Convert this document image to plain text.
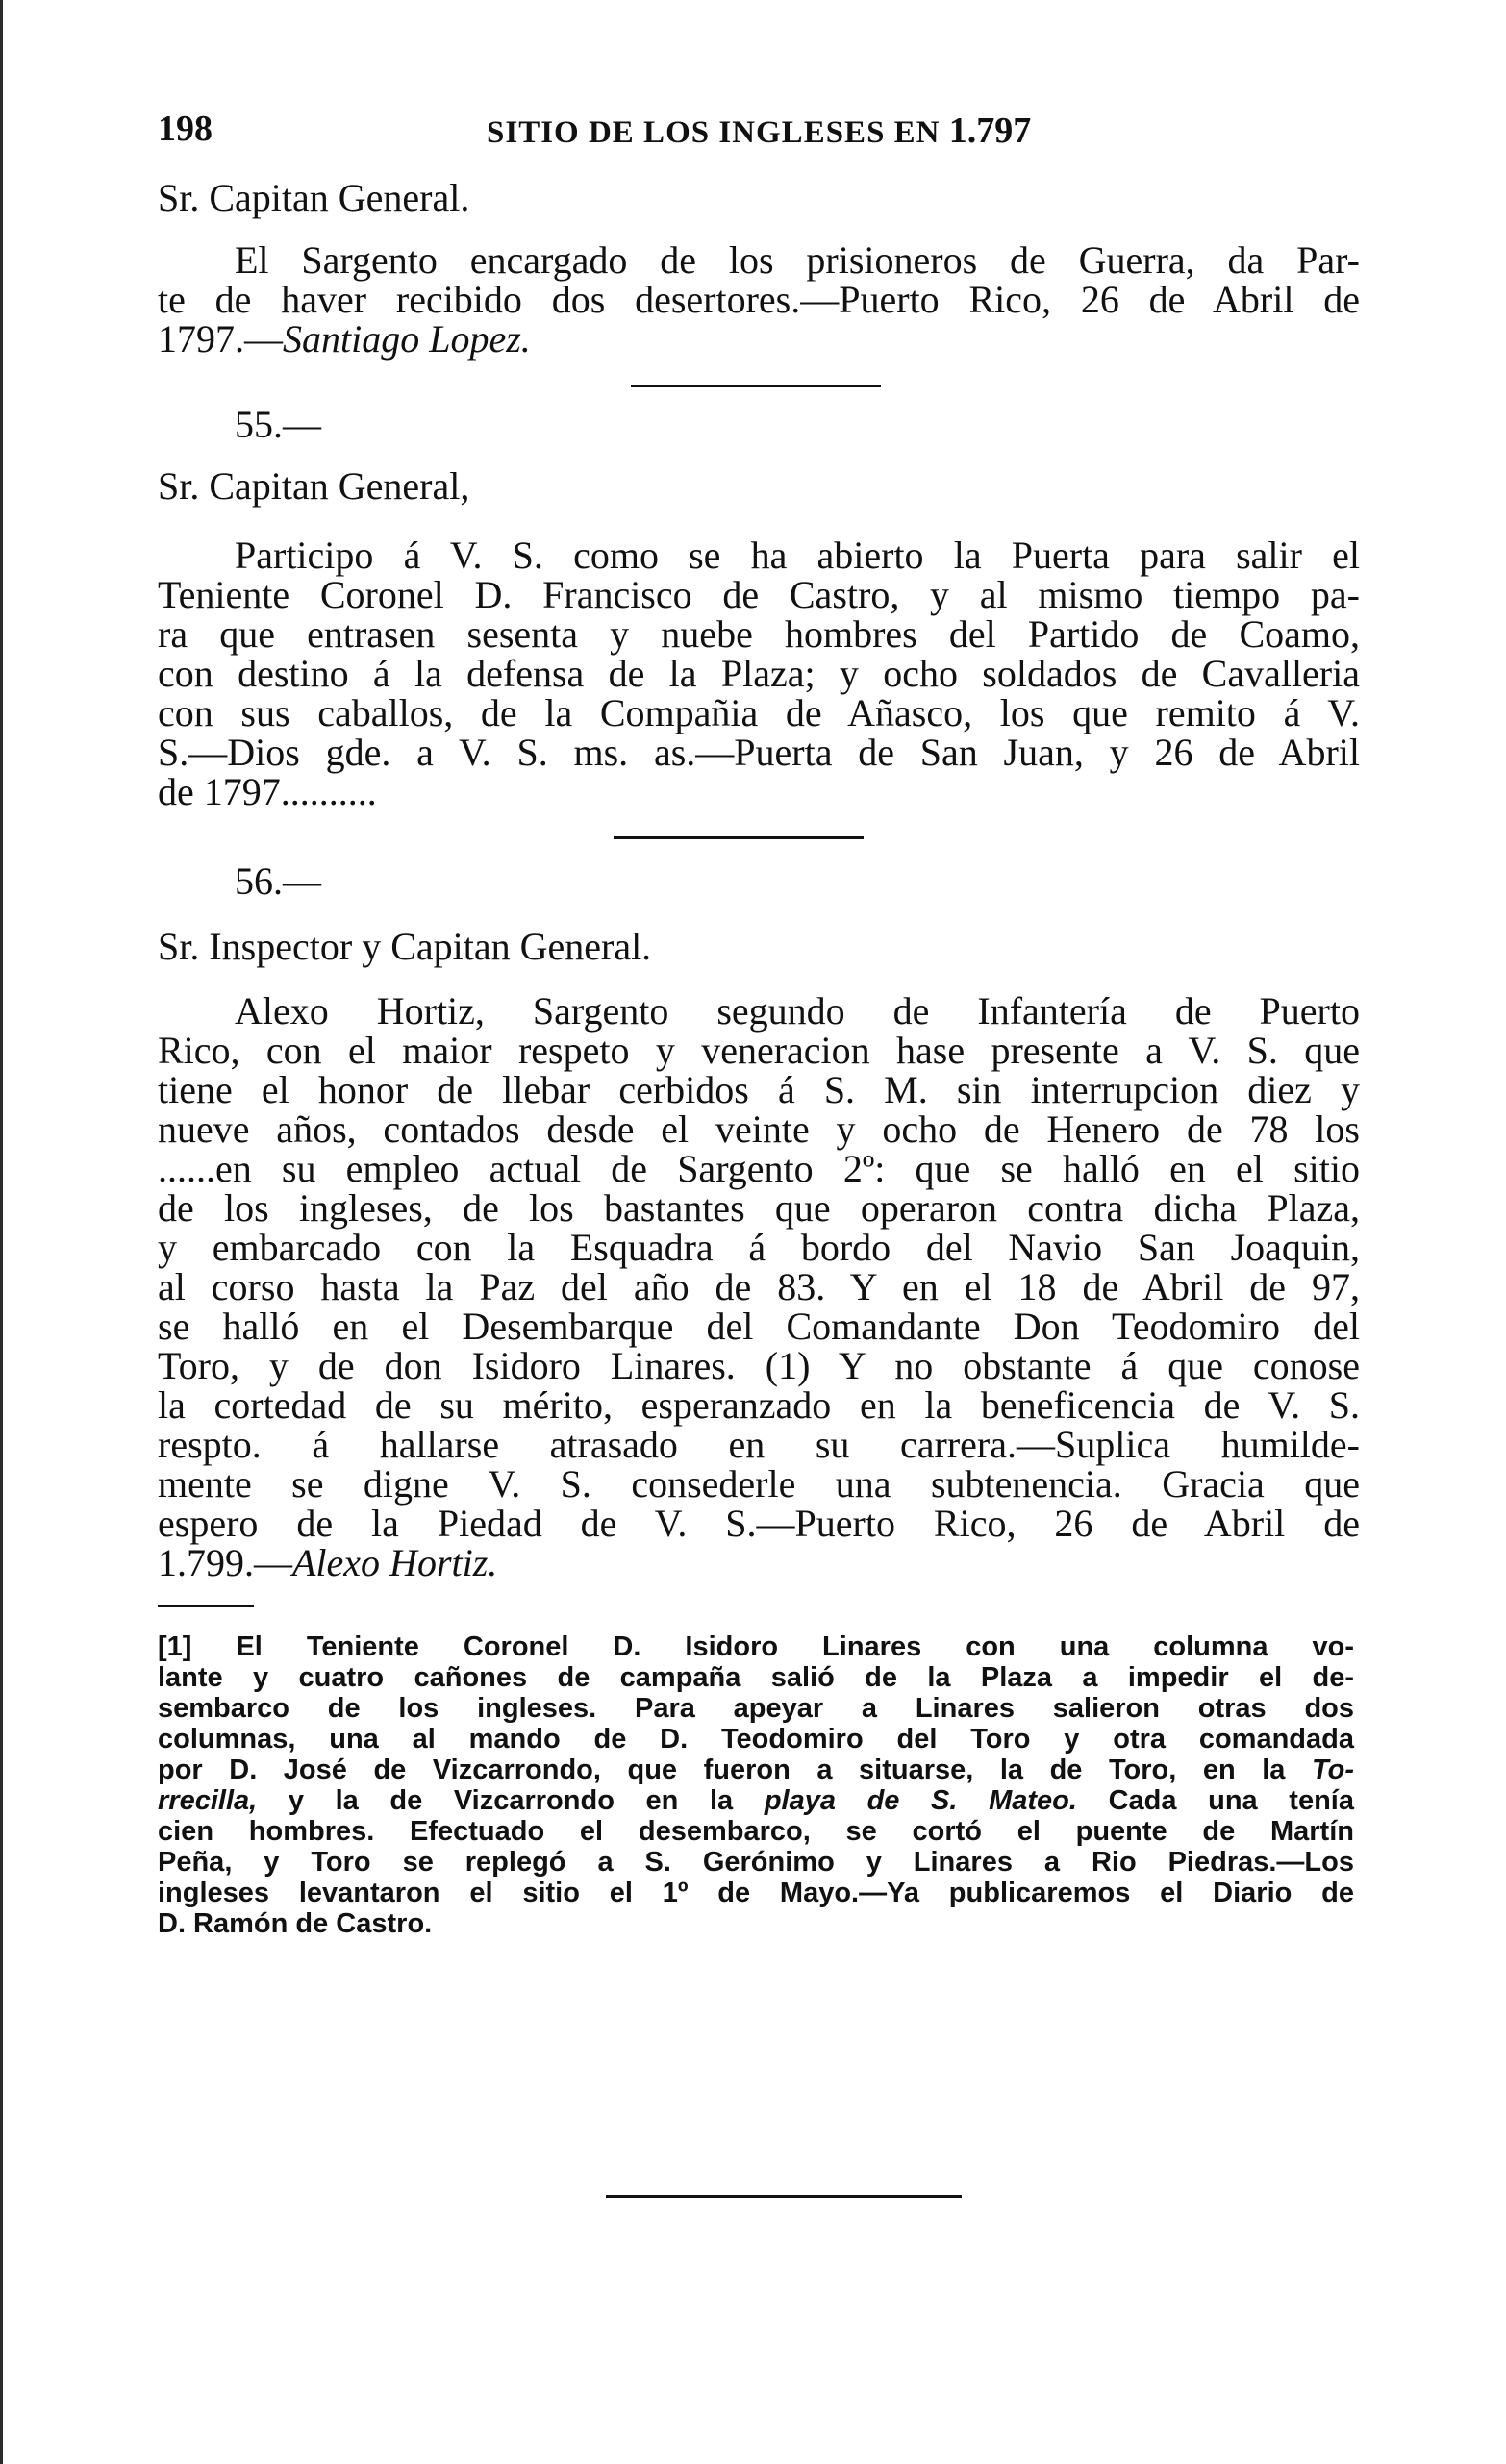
198	SITIO DE LOS INGLESES EN 1.797
Sr. Capitan General.
El Sargento encargado de los prisioneros de Guerra, da Par-
te de haver recibido dos desertores.—Puerto Rico, 26 de Abril de
1797.—Santiago Lopez.
55.—
Sr. Capitan General,
Participo á V. S. como se ha abierto la Puerta para salir el
Teniente Coronel D. Francisco de Castro, y al mismo tiempo pa-
ra que entrasen sesenta y nuebe hombres del Partido de Coamo,
con destino á la defensa de la Plaza; y ocho soldados de Cavalleria
con sus caballos, de la Compañia de Añasco, los que remito á V.
S.—Dios gde. a V. S. ms. as.—Puerta de San Juan, y 26 de Abril
de 1797..........
56.—
Sr. Inspector y Capitan General.
Alexo Hortiz, Sargento segundo de Infantería de Puerto
Rico, con el maior respeto y veneracion hase presente a V. S. que
tiene el honor de llebar cerbidos á S. M. sin interrupcion diez y
nueve años, contados desde el veinte y ocho de Henero de 78 los
......en su empleo actual de Sargento 2º: que se halló en el sitio
de los ingleses, de los bastantes que operaron contra dicha Plaza,
y embarcado con la Esquadra á bordo del Navio San Joaquin,
al corso hasta la Paz del año de 83. Y en el 18 de Abril de 97,
se halló en el Desembarque del Comandante Don Teodomiro del
Toro, y de don Isidoro Linares. (1) Y no obstante á que conose
la cortedad de su mérito, esperanzado en la beneficencia de V. S.
respto. á hallarse atrasado en su carrera.—Suplica humilde-
mente se digne V. S. consederle una subtenencia. Gracia que
espero de la Piedad de V. S.—Puerto Rico, 26 de Abril de
1.799.—Alexo Hortiz.
[1] El Teniente Coronel D. Isidoro Linares con una columna vo-
lante y cuatro cañones de campaña salió de la Plaza a impedir el de-
sembarco de los ingleses. Para apeyar a Linares salieron otras dos
columnas, una al mando de D. Teodomiro del Toro y otra comandada
por D. José de Vizcarrondo, que fueron a situarse, la de Toro, en la To-
rrecilla, y la de Vizcarrondo en la playa de S. Mateo. Cada una tenía
cien hombres. Efectuado el desembarco, se cortó el puente de Martín
Peña, y Toro se replegó a S. Gerónimo y Linares a Rio Piedras.—Los
ingleses levantaron el sitio el 1º de Mayo.—Ya publicaremos el Diario de
D. Ramón de Castro.
